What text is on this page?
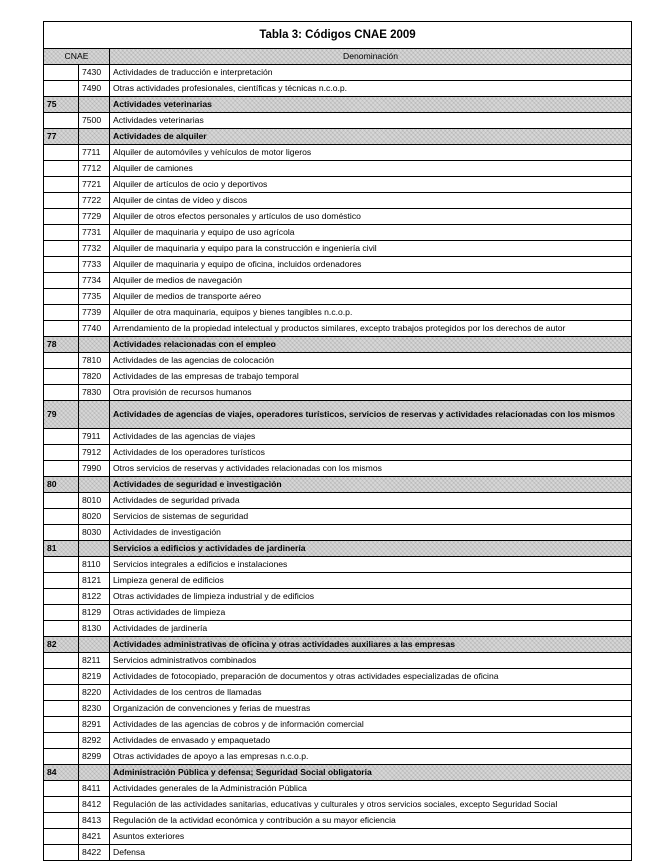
Tabla 3: Códigos CNAE 2009		
CNAE		Denominación
	7430	Actividades de traducción e interpretación
	7490	Otras actividades profesionales, científicas y técnicas n.c.o.p.
75		Actividades veterinarias
	7500	Actividades veterinarias
77		Actividades de alquiler
	7711	Alquiler de automóviles y vehículos de motor ligeros
	7712	Alquiler de camiones
	7721	Alquiler de artículos de ocio y deportivos
	7722	Alquiler de cintas de vídeo y discos
	7729	Alquiler de otros efectos personales y artículos de uso doméstico
	7731	Alquiler de maquinaria y equipo de uso agrícola
	7732	Alquiler de maquinaria y equipo para la construcción e ingeniería civil
	7733	Alquiler de maquinaria y equipo de oficina, incluidos ordenadores
	7734	Alquiler de medios de navegación
	7735	Alquiler de medios de transporte aéreo
	7739	Alquiler de otra maquinaria, equipos y bienes tangibles n.c.o.p.
	7740	Arrendamiento de la propiedad intelectual y productos similares, excepto trabajos protegidos por los derechos de autor
78		Actividades relacionadas con el empleo
	7810	Actividades de las agencias de colocación
	7820	Actividades de las empresas de trabajo temporal
	7830	Otra provisión de recursos humanos
79		Actividades de agencias de viajes, operadores turísticos, servicios de reservas y actividades relacionadas con los mismos
	7911	Actividades de las agencias de viajes
	7912	Actividades de los operadores turísticos
	7990	Otros servicios de reservas y actividades relacionadas con los mismos
80		Actividades de seguridad e investigación
	8010	Actividades de seguridad privada
	8020	Servicios de sistemas de seguridad
	8030	Actividades de investigación
81		Servicios a edificios y actividades de jardinería
	8110	Servicios integrales a edificios e instalaciones
	8121	Limpieza general de edificios
	8122	Otras actividades de limpieza industrial y de edificios
	8129	Otras actividades de limpieza
	8130	Actividades de jardinería
82		Actividades administrativas de oficina y otras actividades auxiliares a las empresas
	8211	Servicios administrativos combinados
	8219	Actividades de fotocopiado, preparación de documentos y otras actividades especializadas de oficina
	8220	Actividades de los centros de llamadas
	8230	Organización de convenciones y ferias de muestras
	8291	Actividades de las agencias de cobros y de información comercial
	8292	Actividades de envasado y empaquetado
	8299	Otras actividades de apoyo a las empresas n.c.o.p.
84		Administración Pública y defensa; Seguridad Social obligatoria
	8411	Actividades generales de la Administración Pública
	8412	Regulación de las actividades sanitarias, educativas y culturales y otros servicios sociales, excepto Seguridad Social
	8413	Regulación de la actividad económica y contribución a su mayor eficiencia
	8421	Asuntos exteriores
	8422	Defensa
